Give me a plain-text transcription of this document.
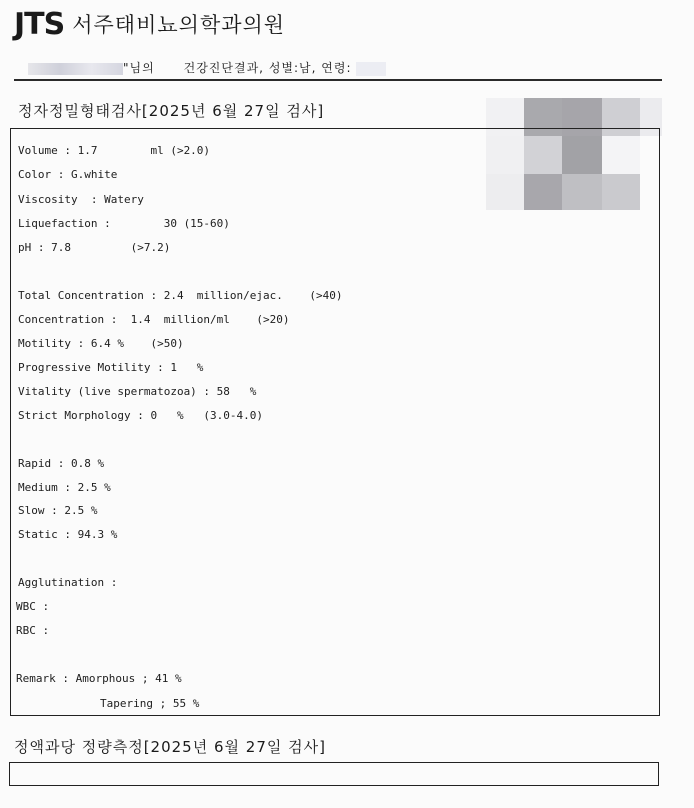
JTS 서주태비뇨의학과의원
"님의 건강진단결과, 성별:남, 연령:
정자정밀형태검사[2025년 6월 27일 검사]
Volume : 1.7        ml (>2.0)
Color : G.white
Viscosity  : Watery
Liquefaction :        30 (15-60)
pH : 7.8         (>7.2)
Total Concentration : 2.4  million/ejac.    (>40)
Concentration :  1.4  million/ml    (>20)
Motility : 6.4 %    (>50)
Progressive Motility : 1   %
Vitality (live spermatozoa) : 58   %
Strict Morphology : 0   %   (3.0-4.0)
Rapid : 0.8 %
Medium : 2.5 %
Slow : 2.5 %
Static : 94.3 %
Agglutination :
WBC :
RBC :
Remark : Amorphous ; 41 %
Tapering ; 55 %
정액과당 정량측정[2025년 6월 27일 검사]
